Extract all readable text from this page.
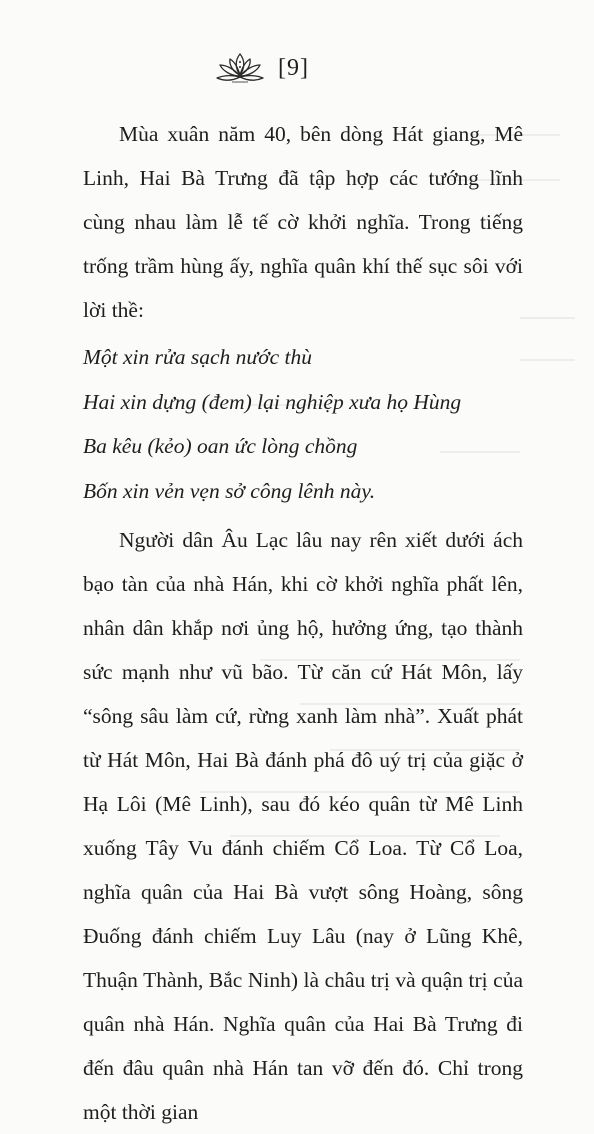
[9]

Mùa xuân năm 40, bên dòng Hát giang, Mê Linh, Hai Bà Trưng đã tập hợp các tướng lĩnh cùng nhau làm lễ tế cờ khởi nghĩa. Trong tiếng trống trầm hùng ấy, nghĩa quân khí thế sục sôi với lời thề:

Một xin rửa sạch nước thù

Hai xin dựng (đem) lại nghiệp xưa họ Hùng

Ba kêu (kẻo) oan ức lòng chồng

Bốn xin vẻn vẹn sở công lênh này.

Người dân Âu Lạc lâu nay rên xiết dưới ách bạo tàn của nhà Hán, khi cờ khởi nghĩa phất lên, nhân dân khắp nơi ủng hộ, hưởng ứng, tạo thành sức mạnh như vũ bão. Từ căn cứ Hát Môn, lấy “sông sâu làm cứ, rừng xanh làm nhà”. Xuất phát từ Hát Môn, Hai Bà đánh phá đô uý trị của giặc ở Hạ Lôi (Mê Linh), sau đó kéo quân từ Mê Linh xuống Tây Vu đánh chiếm Cổ Loa. Từ Cổ Loa, nghĩa quân của Hai Bà vượt sông Hoàng, sông Đuống đánh chiếm Luy Lâu (nay ở Lũng Khê, Thuận Thành, Bắc Ninh) là châu trị và quận trị của quân nhà Hán. Nghĩa quân của Hai Bà Trưng đi đến đâu quân nhà Hán tan vỡ đến đó. Chỉ trong một thời gian
